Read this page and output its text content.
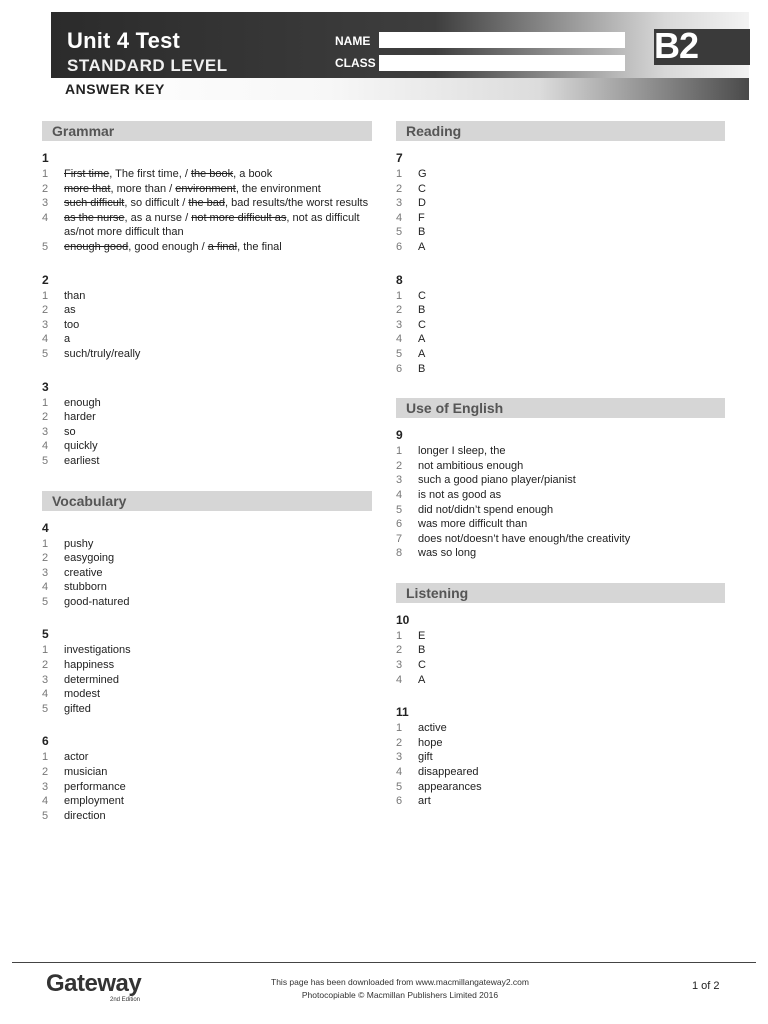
Unit 4 Test
STANDARD LEVEL
NAME
CLASS	B2
ANSWER KEY
Grammar
1
1	First time, The first time, / the book, a book
2	more that, more than / environment, the environment
3	such difficult, so difficult / the bad, bad results/the worst results
4	as the nurse, as a nurse / not more difficult as, not as difficult as/not more difficult than
5	enough good, good enough / a final, the final
2
1	than
2	as
3	too
4	a
5	such/truly/really
3
1	enough
2	harder
3	so
4	quickly
5	earliest
Vocabulary
4
1	pushy
2	easygoing
3	creative
4	stubborn
5	good-natured
5
1	investigations
2	happiness
3	determined
4	modest
5	gifted
6
1	actor
2	musician
3	performance
4	employment
5	direction
Reading
7
1	G
2	C
3	D
4	F
5	B
6	A
8
1	C
2	B
3	C
4	A
5	A
6	B
Use of English
9
1	longer I sleep, the
2	not ambitious enough
3	such a good piano player/pianist
4	is not as good as
5	did not/didn’t spend enough
6	was more difficult than
7	does not/doesn’t have enough/the creativity
8	was so long
Listening
10
1	E
2	B
3	C
4	A
11
1	active
2	hope
3	gift
4	disappeared
5	appearances
6	art
Gateway
2nd Edition
This page has been downloaded from www.macmillangateway2.com
Photocopiable © Macmillan Publishers Limited 2016
1 of 2
